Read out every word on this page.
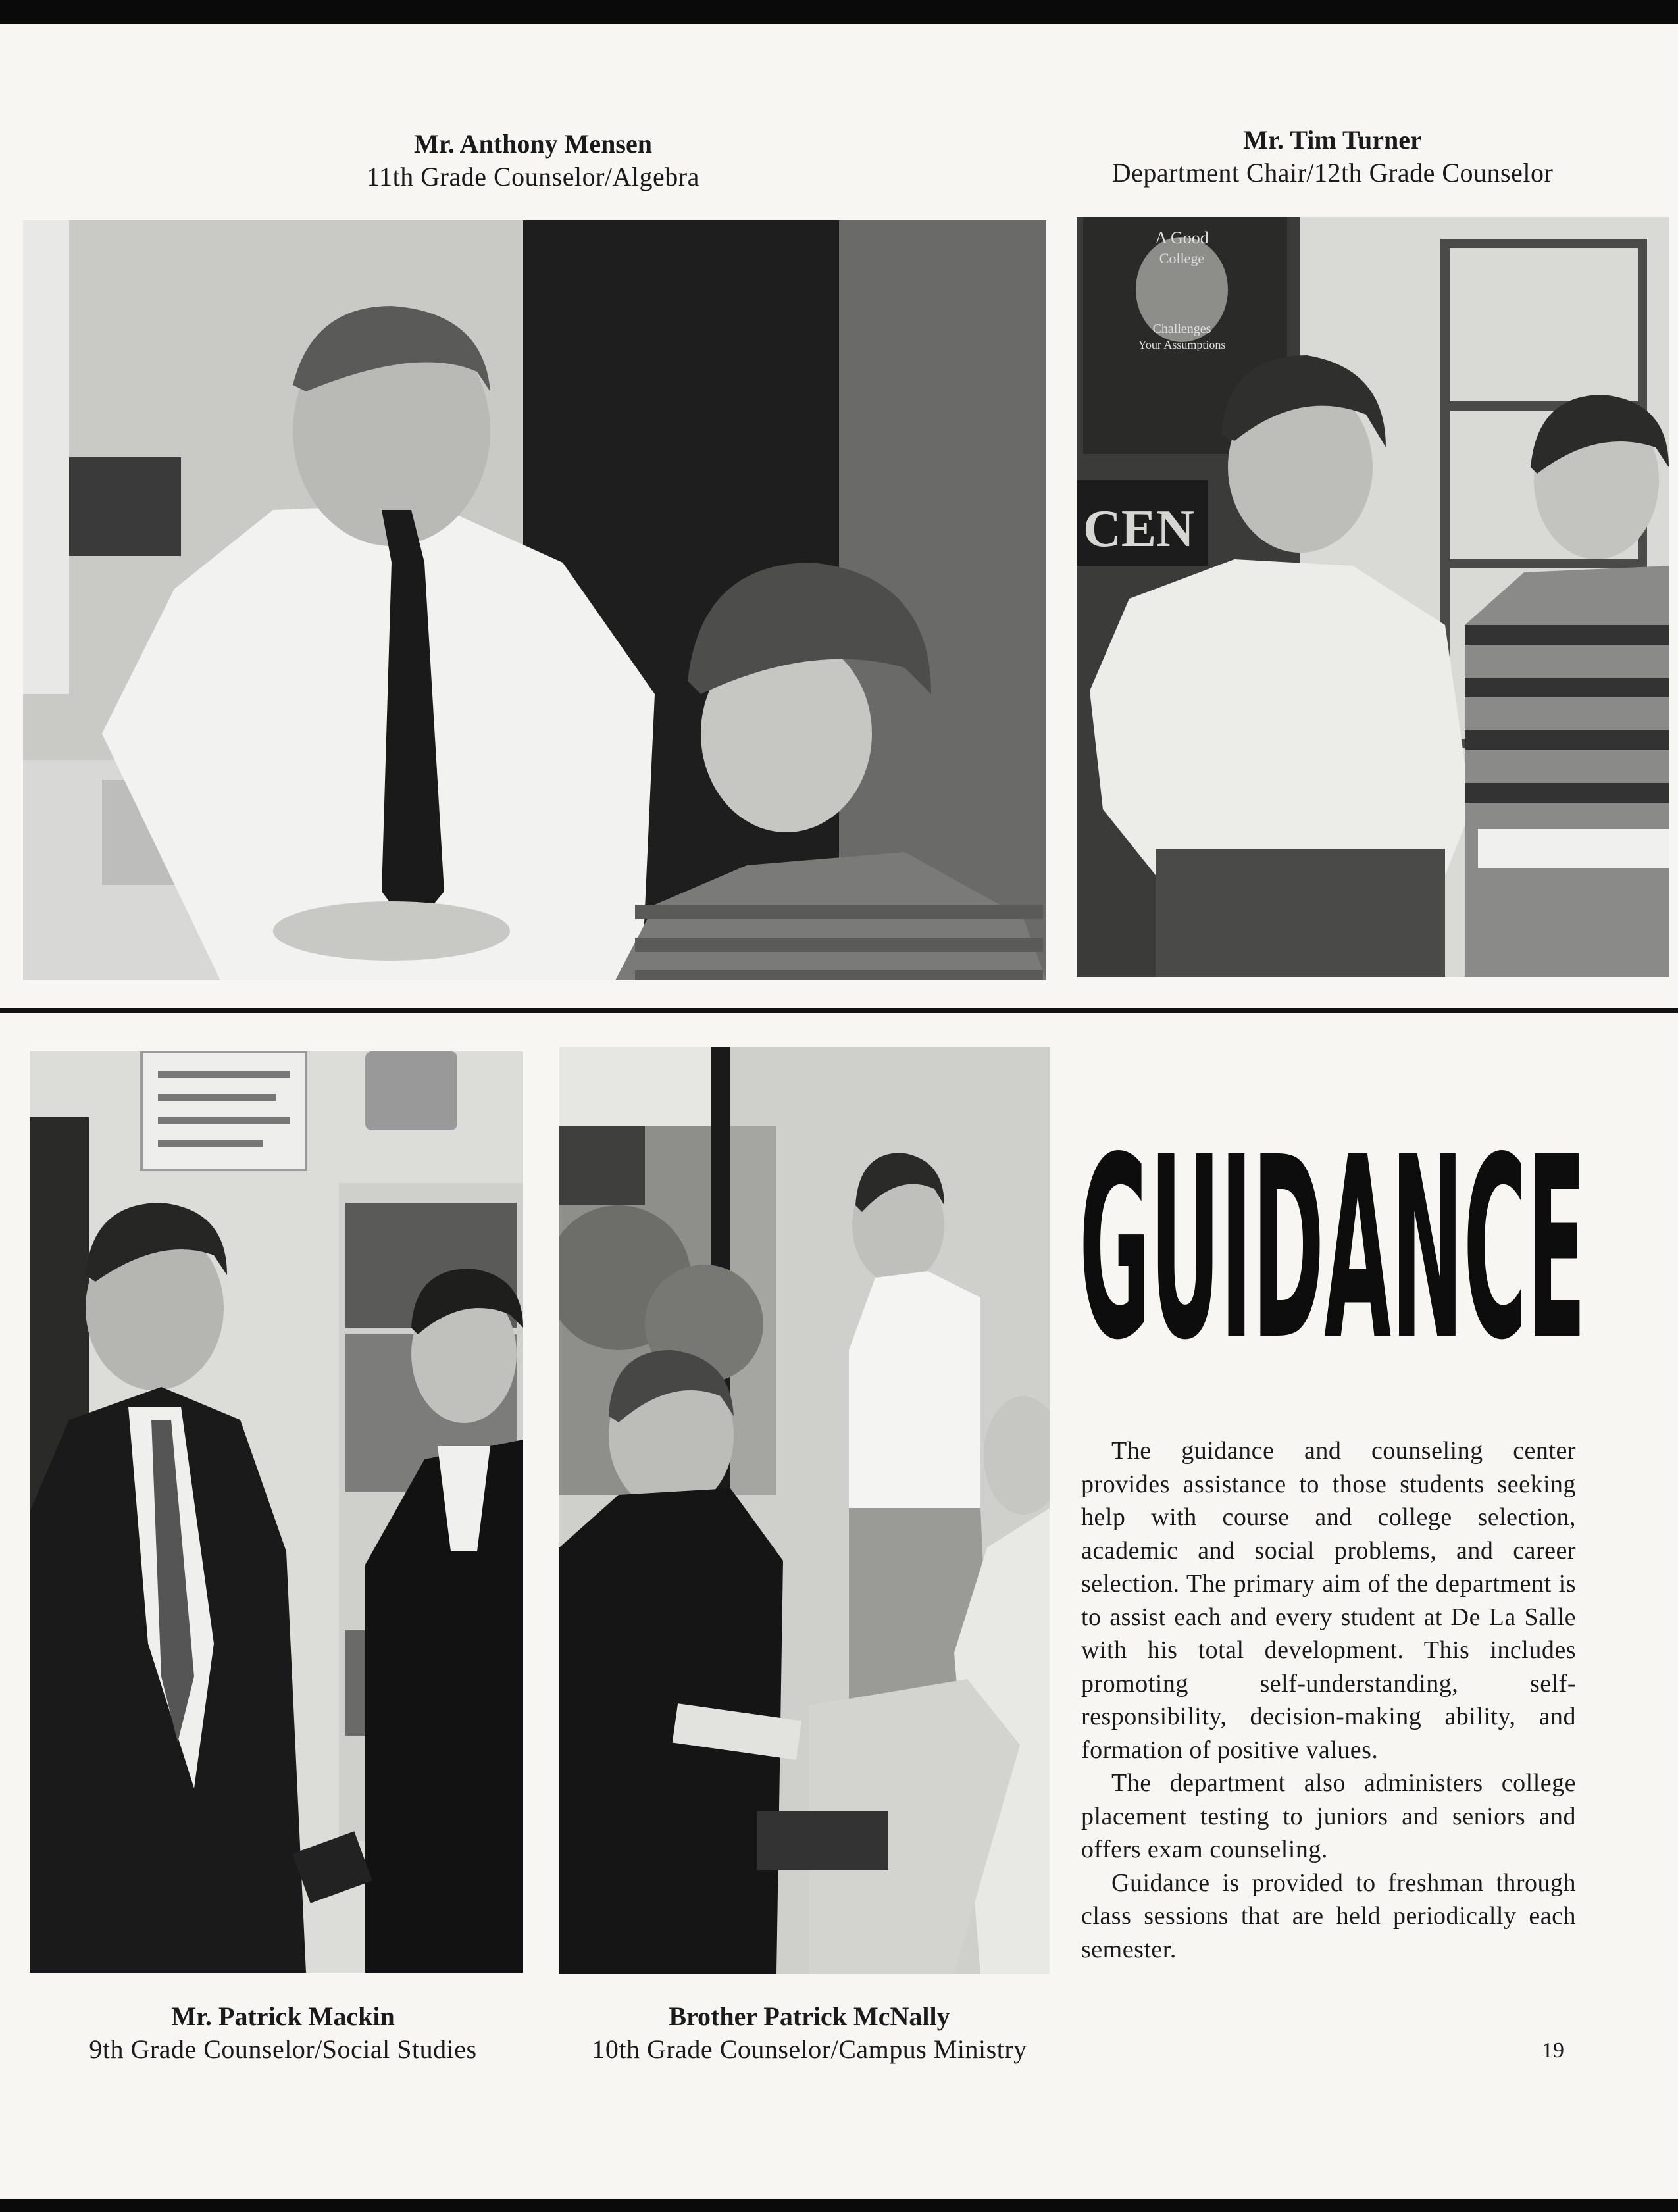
Mr. Anthony Mensen
11th Grade Counselor/Algebra
Mr. Tim Turner
Department Chair/12th Grade Counselor
A Good
College
Challenges
Your Assumptions
CEN
Mr. Patrick Mackin
9th Grade Counselor/Social Studies
Brother Patrick McNally
10th Grade Counselor/Campus Ministry
GUIDANCE

The guidance and counseling center provides assistance to those students seeking help with course and college selection, academic and social problems, and career selection. The primary aim of the department is to assist each and every student at De La Salle with his total development. This includes promoting self-understanding, self-responsibility, decision-making ability, and formation of positive values.

The department also administers college placement testing to juniors and seniors and offers exam counseling.

Guidance is provided to freshman through class sessions that are held periodically each semester.

19
